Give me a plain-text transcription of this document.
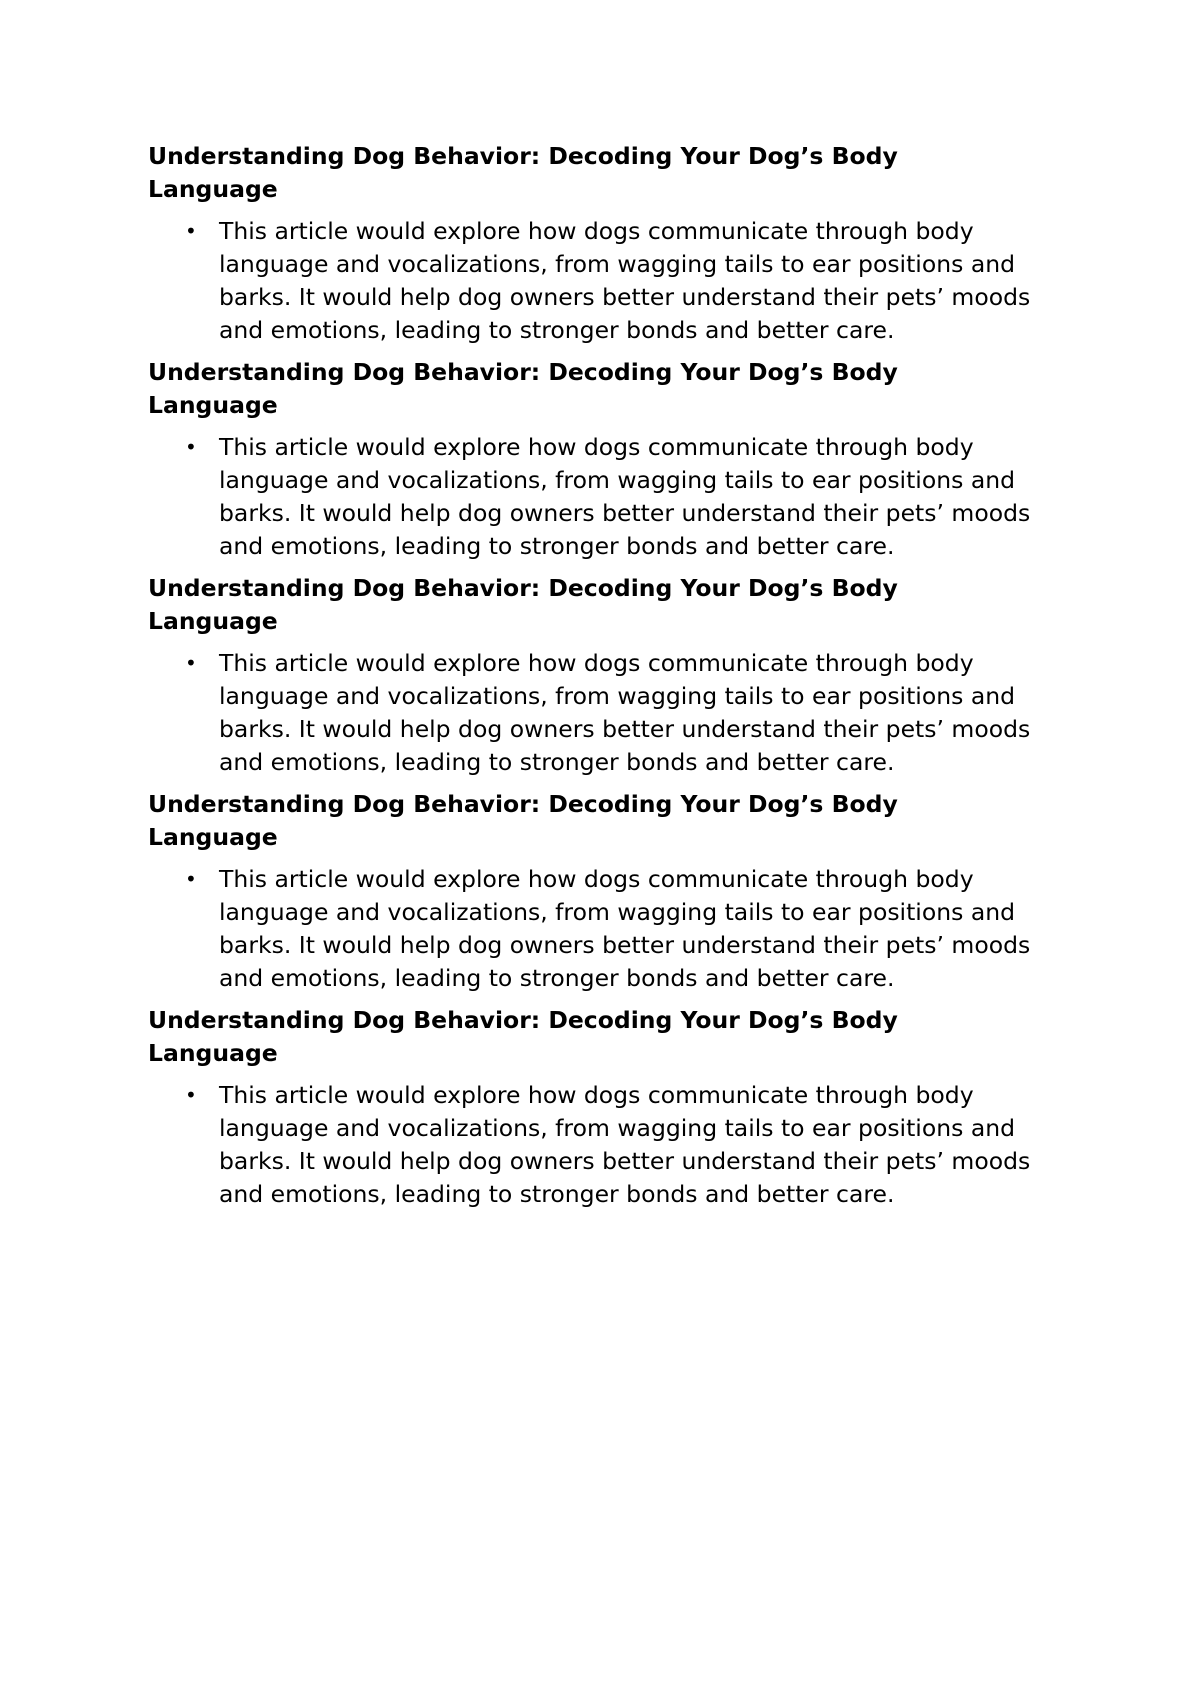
Understanding Dog Behavior: Decoding Your Dog’s Body Language
• This article would explore how dogs communicate through body language and vocalizations, from wagging tails to ear positions and barks. It would help dog owners better understand their pets’ moods and emotions, leading to stronger bonds and better care.
Understanding Dog Behavior: Decoding Your Dog’s Body Language
• This article would explore how dogs communicate through body language and vocalizations, from wagging tails to ear positions and barks. It would help dog owners better understand their pets’ moods and emotions, leading to stronger bonds and better care.
Understanding Dog Behavior: Decoding Your Dog’s Body Language
• This article would explore how dogs communicate through body language and vocalizations, from wagging tails to ear positions and barks. It would help dog owners better understand their pets’ moods and emotions, leading to stronger bonds and better care.
Understanding Dog Behavior: Decoding Your Dog’s Body Language
• This article would explore how dogs communicate through body language and vocalizations, from wagging tails to ear positions and barks. It would help dog owners better understand their pets’ moods and emotions, leading to stronger bonds and better care.
Understanding Dog Behavior: Decoding Your Dog’s Body Language
• This article would explore how dogs communicate through body language and vocalizations, from wagging tails to ear positions and barks. It would help dog owners better understand their pets’ moods and emotions, leading to stronger bonds and better care.
